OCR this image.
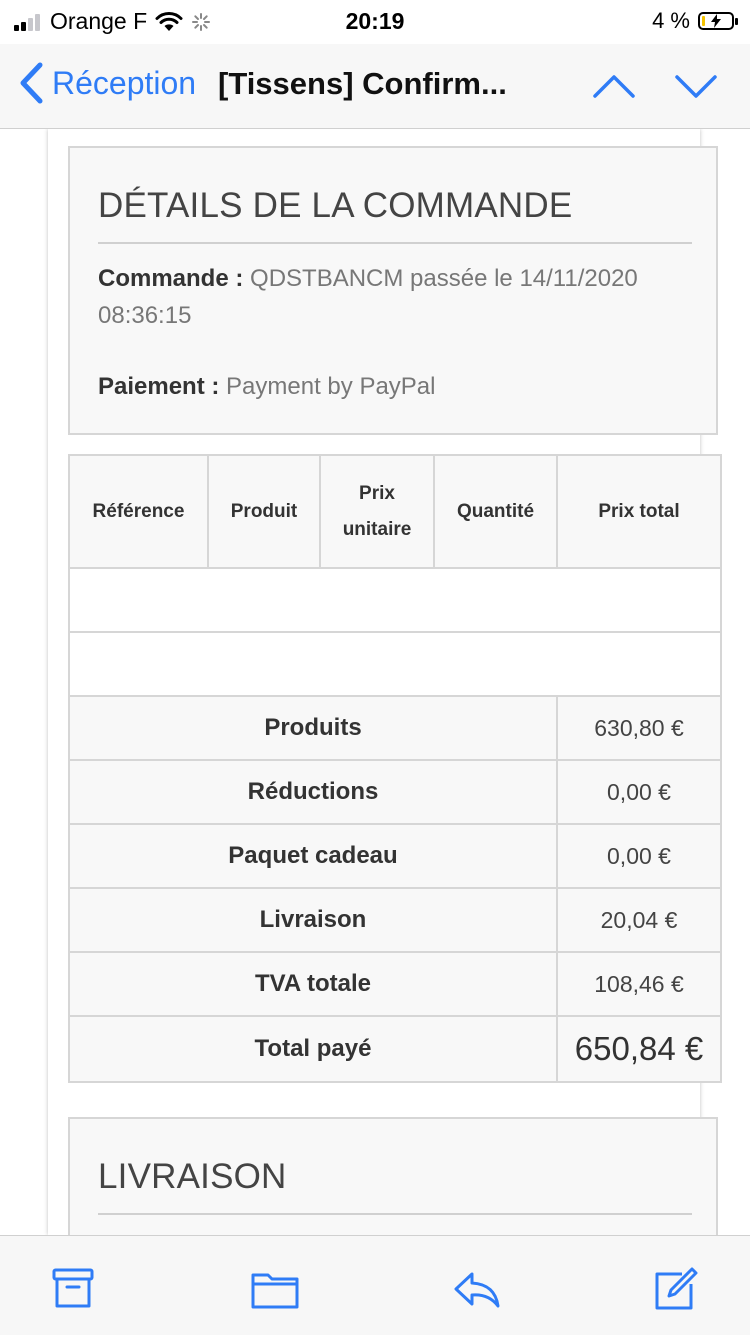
Orange F	20:19	4 %
Réception [Tissens] Confirm...
DÉTAILS DE LA COMMANDE
Commande : QDSTBANCM passée le 14/11/2020 08:36:15
Paiement : Payment by PayPal
Référence	Produit	Prix unitaire	Quantité	Prix total

Produits				630,80 €
Réductions				0,00 €
Paquet cadeau				0,00 €
Livraison				20,04 €
TVA totale				108,46 €
Total payé				650,84 €
LIVRAISON
